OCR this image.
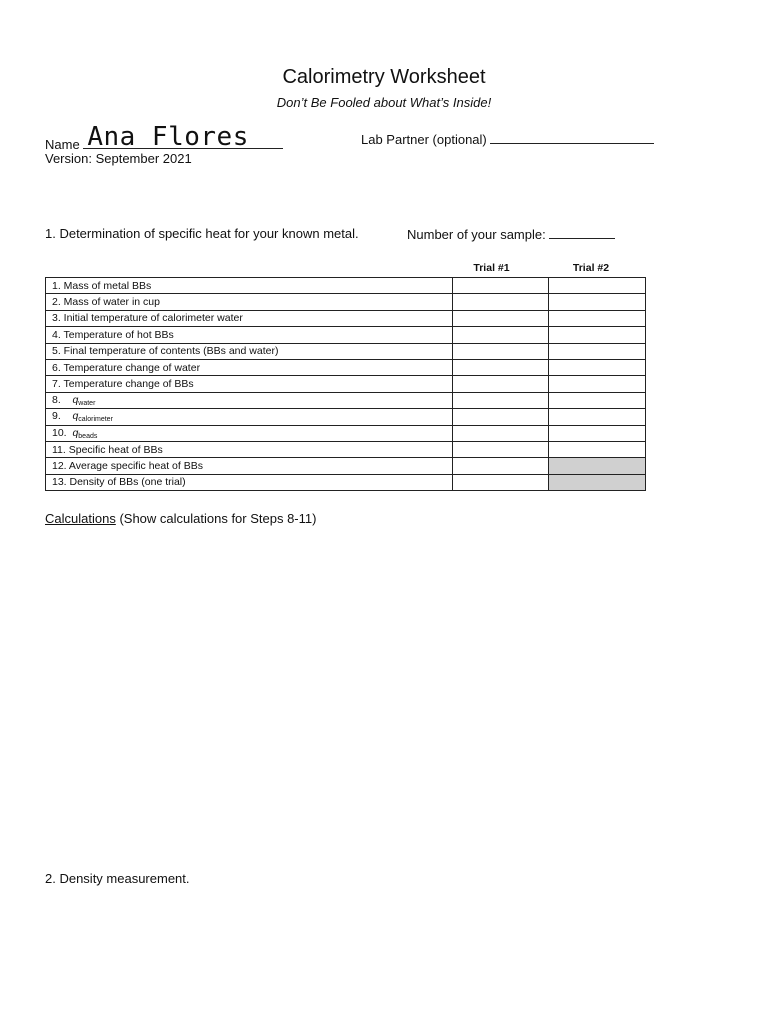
Calorimetry Worksheet
Don’t Be Fooled about What’s Inside!
Name Ana Flores	Lab Partner (optional)
Version: September 2021
1. Determination of specific heat for your known metal.	Number of your sample:
Trial #1	Trial #2
1. Mass of metal BBs		
2. Mass of water in cup		
3. Initial temperature of calorimeter water		
4. Temperature of hot BBs		
5. Final temperature of contents (BBs and water)		
6. Temperature change of water		
7. Temperature change of BBs		
8.    $q_{water}$		
9.    $q_{calorimeter}$		
10.  $q_{beads}$		
11. Specific heat of BBs		
12. Average specific heat of BBs		
13. Density of BBs (one trial)		
Calculations (Show calculations for Steps 8-11)
2. Density measurement.
